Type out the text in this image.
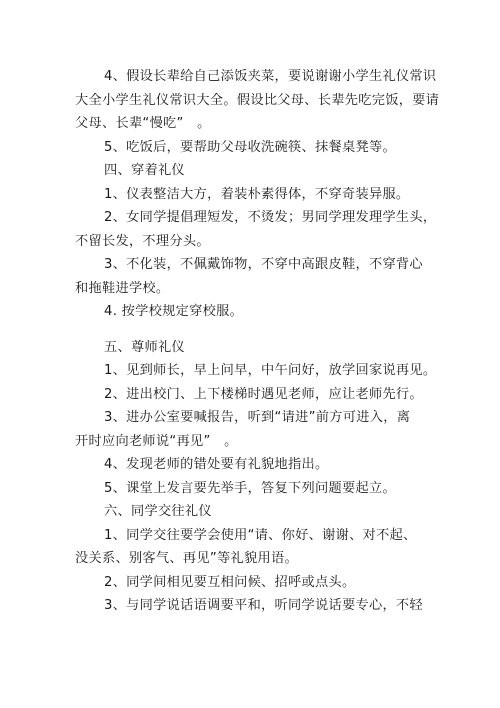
4、假设长辈给自己添饭夹菜，要说谢谢小学生礼仪常识
大全小学生礼仪常识大全。假设比父母、长辈先吃完饭，要请
父母、长辈“慢吃”　。
5、吃饭后，要帮助父母收洗碗筷、抹餐桌凳等。
四、穿着礼仪
1、仪表整洁大方，着装朴素得体，不穿奇装异服。
2、女同学提倡理短发，不烫发；男同学理发理学生头，
不留长发，不理分头。
3、不化装，不佩戴饰物，不穿中高跟皮鞋，不穿背心
和拖鞋进学校。
4. 按学校规定穿校服。
五、尊师礼仪
1、见到师长，早上问早，中午问好，放学回家说再见。
2、进出校门、上下楼梯时遇见老师，应让老师先行。
3、进办公室要喊报告，听到“请进”前方可进入，离
开时应向老师说“再见”　。
4、发现老师的错处要有礼貌地指出。
5、课堂上发言要先举手，答复下列问题要起立。
六、同学交往礼仪
1、同学交往要学会使用“请、你好、谢谢、对不起、
没关系、别客气、再见”等礼貌用语。
2、同学间相见要互相问候、招呼或点头。
3、与同学说话语调要平和，听同学说话要专心，不轻
